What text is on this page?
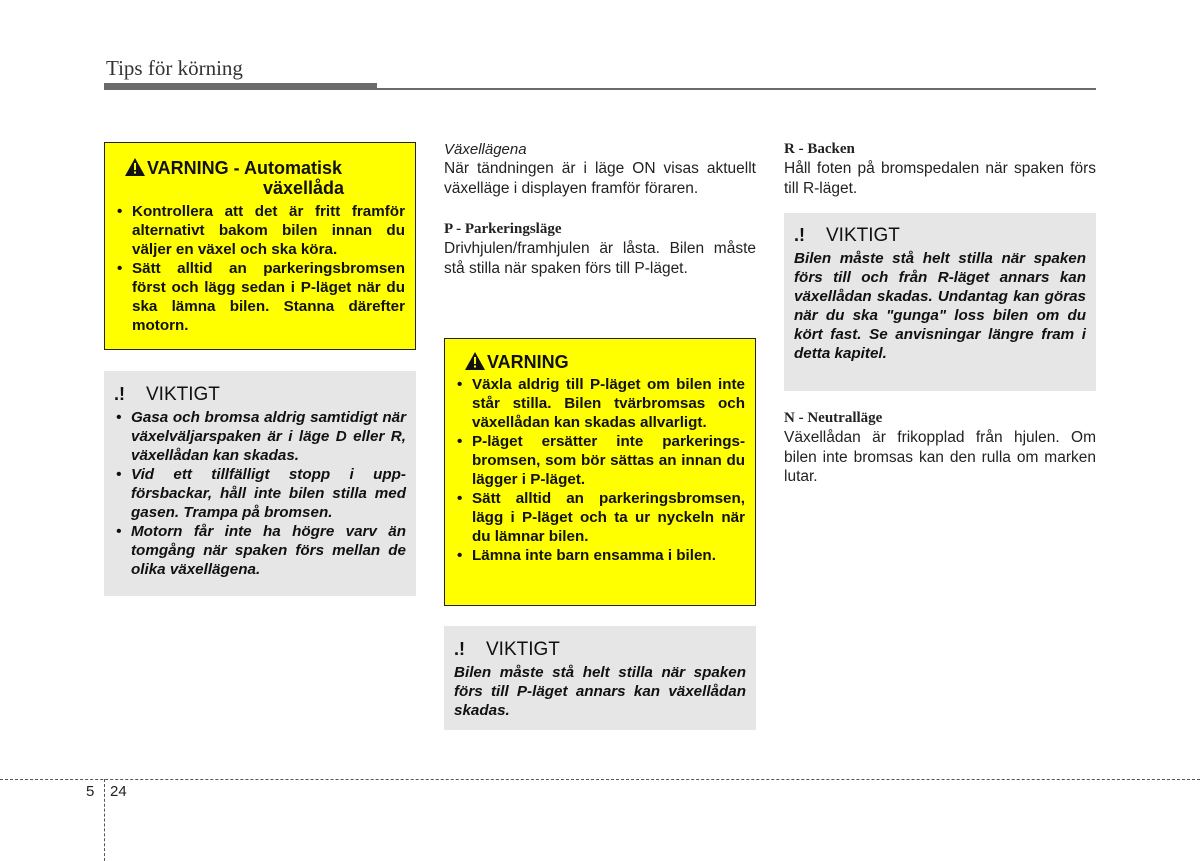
Tips för körning
VARNING - Automatisk
växellåda
• Kontrollera att det är fritt framför alternativt bakom bilen innan du väljer en växel och ska köra.
• Sätt alltid an parkeringsbromsen först och lägg sedan i P-läget när du ska lämna bilen. Stanna därefter motorn.
.! VIKTIGT
• Gasa och bromsa aldrig samtidigt när växelväljarspaken är i läge D eller R, växellådan kan skadas.
• Vid ett tillfälligt stopp i upp-försbackar, håll inte bilen stilla med gasen. Trampa på bromsen.
• Motorn får inte ha högre varv än tomgång när spaken förs mellan de olika växellägena.
Växellägena
När tändningen är i läge ON visas aktuellt växelläge i displayen framför föraren.
P - Parkeringsläge
Drivhjulen/framhjulen är låsta. Bilen måste stå stilla när spaken förs till P-läget.
VARNING
• Växla aldrig till P-läget om bilen inte står stilla. Bilen tvärbromsas och växellådan kan skadas allvarligt.
• P-läget ersätter inte parkerings-bromsen, som bör sättas an innan du lägger i P-läget.
• Sätt alltid an parkeringsbromsen, lägg i P-läget och ta ur nyckeln när du lämnar bilen.
• Lämna inte barn ensamma i bilen.
.! VIKTIGT
Bilen måste stå helt stilla när spaken förs till P-läget annars kan växellådan skadas.
R - Backen
Håll foten på bromspedalen när spaken förs till R-läget.
.! VIKTIGT
Bilen måste stå helt stilla när spaken förs till och från R-läget annars kan växellådan skadas. Undantag kan göras när du ska "gunga" loss bilen om du kört fast. Se anvisningar längre fram i detta kapitel.
N - Neutralläge
Växellådan är frikopplad från hjulen. Om bilen inte bromsas kan den rulla om marken lutar.
5 24
